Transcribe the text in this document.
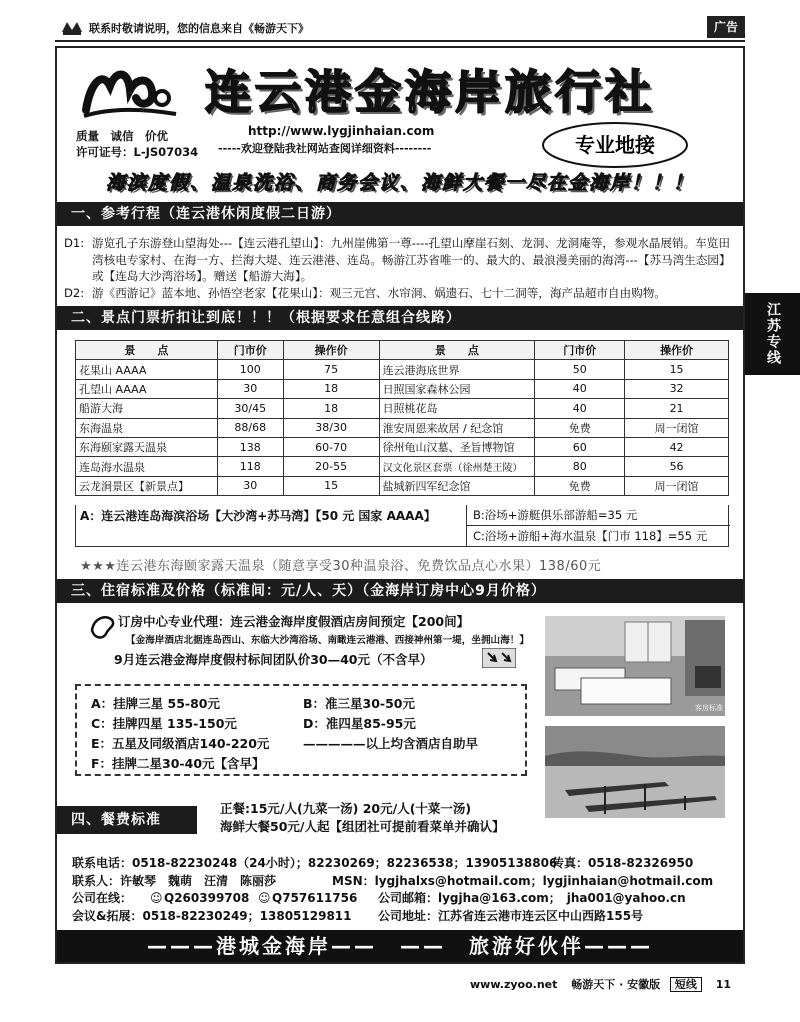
联系时敬请说明，您的信息来自《畅游天下》	广告
连云港金海岸旅行社
质量　诚信　价优
许可证号：L-JS07034
http://www.lygjinhaian.com
-----欢迎登陆我社网站查阅详细资料--------	专业地接
海滨度假、温泉洗浴、商务会议、海鲜大餐一尽在金海岸！！！
一、参考行程（连云港休闲度假二日游）

D1: 游览孔子东游登山望海处---【连云港孔望山】：九州崖佛第一尊----孔望山摩崖石刻、龙洞、龙洞庵等，参观水晶展销。车览田湾核电专家村、在海一方、拦海大堤、连云港港、连岛。畅游江苏省唯一的、最大的、最浪漫美丽的海湾---【苏马湾生态园】或【连岛大沙湾浴场】。赠送【船游大海】。

D2: 游《西游记》蓝本地、孙悟空老家【花果山】：观三元宫、水帘洞、娲遗石、七十二洞等，海产品超市自由购物。

二、景点门票折扣让到底！！！（根据要求任意组合线路）
景　　点	门市价	操作价	景　　点	门市价	操作价
花果山 AAAA	100	75	连云港海底世界	50	15
孔望山 AAAA	30	18	日照国家森林公园	40	32
船游大海	30/45	18	日照桃花岛	40	21
东海温泉	88/68	38/30	淮安周恩来故居 / 纪念馆	免费	周一闭馆
东海颐家露天温泉	138	60-70	徐州龟山汉墓、圣旨博物馆	60	42
连岛海水温泉	118	20-55	汉文化景区套票（徐州楚王陵）	80	56
云龙涧景区【新景点】	30	15	盐城新四军纪念馆	免费	周一闭馆
A：连云港连岛海滨浴场【大沙湾+苏马湾】【50 元 国家 AAAA】	B:浴场+游艇俱乐部游船=35 元
C:浴场+游船+海水温泉【门市 118】=55 元
★★★连云港东海颐家露天温泉（随意享受30种温泉浴、免费饮品点心水果）138/60元
三、住宿标准及价格（标准间：元/人、天）（金海岸订房中心9月价格）
订房中心专业代理：连云港金海岸度假酒店房间预定【200间】
【金海岸酒店北据连岛西山、东临大沙湾浴场、南瞰连云港港、西接神州第一堤，坐拥山海！】
9月连云港金海岸度假村标间团队价30—40元（不含早）
A：挂牌三星 55-80元	B：准三星30-50元
C：挂牌四星 135-150元	D：准四星85-95元
E：五星及同级酒店140-220元	—————以上均含酒店自助早
F：挂牌二星30-40元【含早】
客房标准
四、餐费标准
正餐:15元/人(九菜一汤) 20元/人(十菜一汤)
海鲜大餐50元/人起【组团社可提前看菜单并确认】

联系电话：0518-82230248（24小时）；82230269；82236538；13905138806
传真：0518-82326950

联系人：许敏琴　魏萌　汪清　陈丽莎	MSN：lygjhalxs@hotmail.com；lygjinhaian@hotmail.com

公司在线： ☺ Q260399708 ☺ Q757611756 公司邮箱：lygjha@163.com；　jha001@yahoo.cn

会议&拓展：0518-82230249；13805129811 公司地址：江苏省连云港市连云区中山西路155号

———港城金海岸——　——　旅游好伙伴———
www.zyoo.net 畅游天下 · 安徽版 短线 11
江苏专线
